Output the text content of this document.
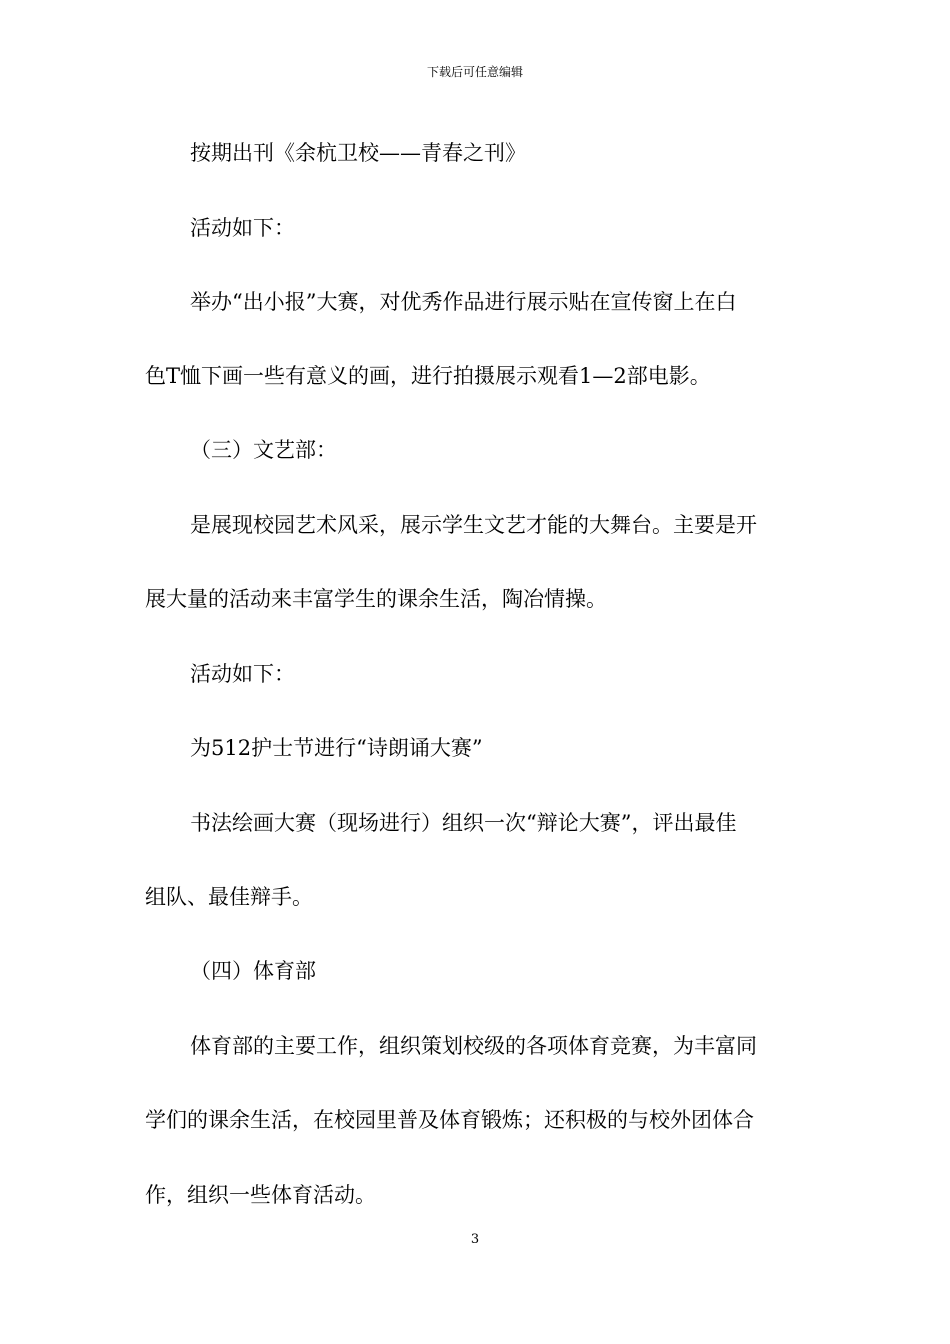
下载后可任意编辑
按期出刊《余杭卫校——青春之刊》
活动如下：
举办“出小报”大赛，对优秀作品进行展示贴在宣传窗上在白
色T恤下画一些有意义的画，进行拍摄展示观看1—2部电影。
（三）文艺部：
是展现校园艺术风采，展示学生文艺才能的大舞台。主要是开
展大量的活动来丰富学生的课余生活，陶冶情操。
活动如下：
为512护士节进行“诗朗诵大赛”
书法绘画大赛（现场进行）组织一次“辩论大赛”，评出最佳
组队、最佳辩手。
（四）体育部
体育部的主要工作，组织策划校级的各项体育竞赛，为丰富同
学们的课余生活，在校园里普及体育锻炼；还积极的与校外团体合
作，组织一些体育活动。
3
